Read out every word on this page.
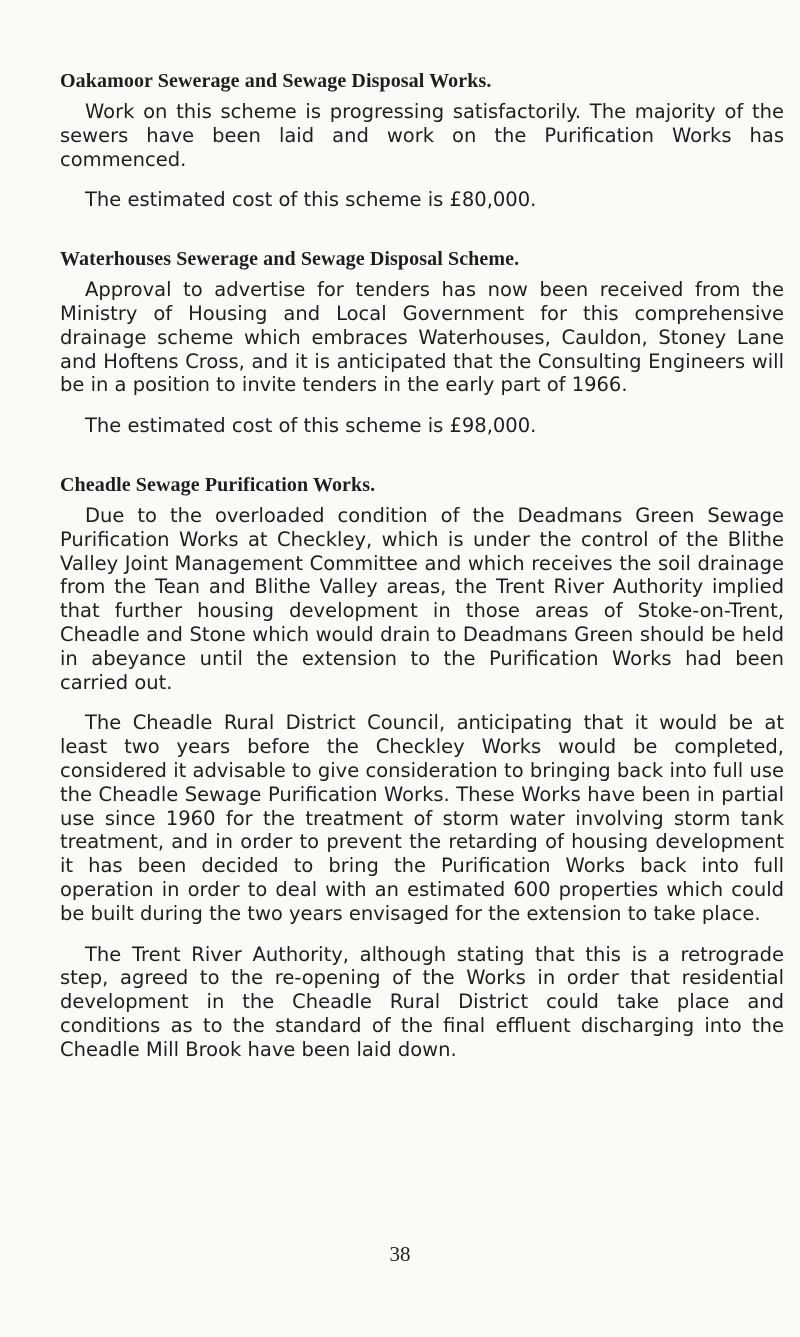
Oakamoor Sewerage and Sewage Disposal Works.

Work on this scheme is progressing satisfactorily. The majority of the sewers have been laid and work on the Purification Works has commenced.

The estimated cost of this scheme is £80,000.

Waterhouses Sewerage and Sewage Disposal Scheme.

Approval to advertise for tenders has now been received from the Ministry of Housing and Local Government for this comprehensive drainage scheme which embraces Waterhouses, Cauldon, Stoney Lane and Hoftens Cross, and it is anticipated that the Consulting Engineers will be in a position to invite tenders in the early part of 1966.

The estimated cost of this scheme is £98,000.

Cheadle Sewage Purification Works.

Due to the overloaded condition of the Deadmans Green Sewage Purification Works at Checkley, which is under the control of the Blithe Valley Joint Management Committee and which receives the soil drainage from the Tean and Blithe Valley areas, the Trent River Authority implied that further housing development in those areas of Stoke-on-Trent, Cheadle and Stone which would drain to Deadmans Green should be held in abeyance until the extension to the Purification Works had been carried out.

The Cheadle Rural District Council, anticipating that it would be at least two years before the Checkley Works would be completed, considered it advisable to give consideration to bringing back into full use the Cheadle Sewage Purification Works. These Works have been in partial use since 1960 for the treatment of storm water involving storm tank treatment, and in order to prevent the retarding of housing development it has been decided to bring the Purification Works back into full operation in order to deal with an estimated 600 properties which could be built during the two years envisaged for the extension to take place.

The Trent River Authority, although stating that this is a retrograde step, agreed to the re-opening of the Works in order that residential development in the Cheadle Rural District could take place and conditions as to the standard of the final effluent discharging into the Cheadle Mill Brook have been laid down.

38
